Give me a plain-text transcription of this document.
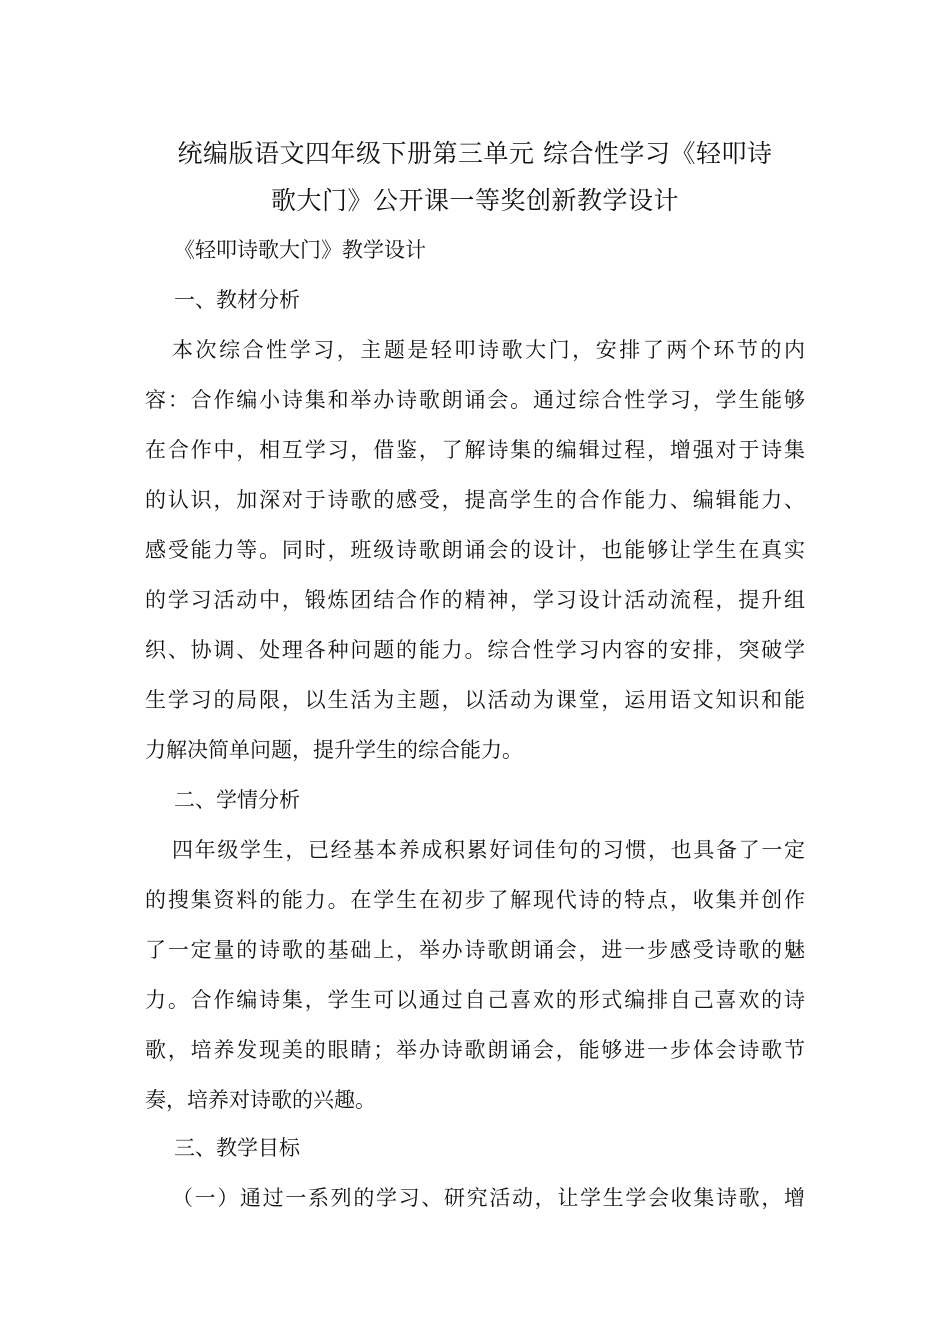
统编版语文四年级下册第三单元 综合性学习《轻叩诗
歌大门》公开课一等奖创新教学设计

《轻叩诗歌大门》教学设计

一、教材分析

本次综合性学习，主题是轻叩诗歌大门，安排了两个环节的内

容：合作编小诗集和举办诗歌朗诵会。通过综合性学习，学生能够

在合作中，相互学习，借鉴，了解诗集的编辑过程，增强对于诗集

的认识，加深对于诗歌的感受，提高学生的合作能力、编辑能力、

感受能力等。同时，班级诗歌朗诵会的设计，也能够让学生在真实

的学习活动中，锻炼团结合作的精神，学习设计活动流程，提升组

织、协调、处理各种问题的能力。综合性学习内容的安排，突破学

生学习的局限，以生活为主题，以活动为课堂，运用语文知识和能

力解决简单问题，提升学生的综合能力。

二、学情分析

四年级学生，已经基本养成积累好词佳句的习惯，也具备了一定

的搜集资料的能力。在学生在初步了解现代诗的特点，收集并创作

了一定量的诗歌的基础上，举办诗歌朗诵会，进一步感受诗歌的魅

力。合作编诗集，学生可以通过自己喜欢的形式编排自己喜欢的诗

歌，培养发现美的眼睛；举办诗歌朗诵会，能够进一步体会诗歌节

奏，培养对诗歌的兴趣。

三、教学目标

（一）通过一系列的学习、研究活动，让学生学会收集诗歌，增
